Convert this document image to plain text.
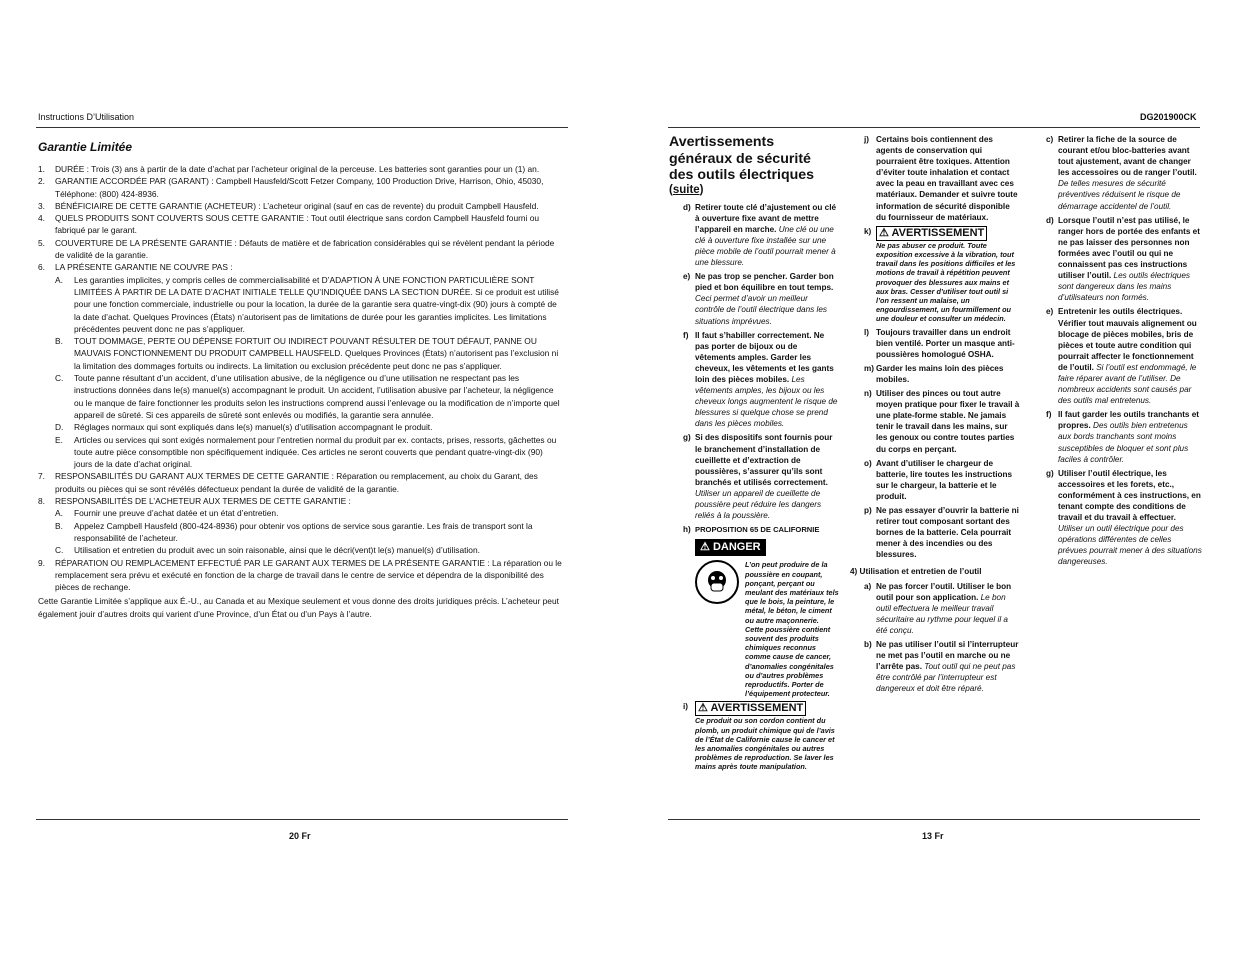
Instructions D’Utilisation
Garantie Limitée
1.	DURÉE : Trois (3) ans à partir de la date d’achat par l’acheteur original de la perceuse. Les batteries sont garanties pour un (1) an.
2.	GARANTIE ACCORDÉE PAR (GARANT) : Campbell Hausfeld/Scott Fetzer Company, 100 Production Drive, Harrison, Ohio, 45030, Téléphone: (800) 424-8936.
3.	BÉNÉFICIAIRE DE CETTE GARANTIE (ACHETEUR) : L’acheteur original (sauf en cas de revente) du produit Campbell Hausfeld.
4.	QUELS PRODUITS SONT COUVERTS SOUS CETTE GARANTIE : Tout outil électrique sans cordon Campbell Hausfeld fourni ou fabriqué par le garant.
5.	COUVERTURE DE LA PRÉSENTE GARANTIE : Défauts de matière et de fabrication considérables qui se révèlent pendant la période de validité de la garantie.
6.	LA PRÉSENTE GARANTIE NE COUVRE PAS :
A.	Les garanties implicites, y compris celles de commercialisabilité et D’ADAPTION À UNE FONCTION PARTICULIÈRE SONT LIMITÉES À PARTIR DE LA DATE D’ACHAT INITIALE TELLE QU’INDIQUÉE DANS LA SECTION DURÉE. Si ce produit est utilisé pour une fonction commerciale, industrielle ou pour la location, la durée de la garantie sera quatre-vingt-dix (90) jours à compté de la date d’achat. Quelques Provinces (États) n’autorisent pas de limitations de durée pour les garanties implicites. Les limitations précédentes peuvent donc ne pas s’appliquer.
B.	TOUT DOMMAGE, PERTE OU DÉPENSE FORTUIT OU INDIRECT POUVANT RÉSULTER DE TOUT DÉFAUT, PANNE OU MAUVAIS FONCTIONNEMENT DU PRODUIT CAMPBELL HAUSFELD. Quelques Provinces (États) n’autorisent pas l’exclusion ni la limitation des dommages fortuits ou indirects. La limitation ou exclusion précédente peut donc ne pas s’appliquer.
C.	Toute panne résultant d’un accident, d’une utilisation abusive, de la négligence ou d’une utilisation ne respectant pas les instructions données dans le(s) manuel(s) accompagnant le produit. Un accident, l’utilisation abusive par l’acheteur, la négligence ou le manque de faire fonctionner les produits selon les instructions comprend aussi l’enlevage ou la modification de n’importe quel appareil de sûreté. Si ces appareils de sûreté sont enlevés ou modifiés, la garantie sera annulée.
D.	Réglages normaux qui sont expliqués dans le(s) manuel(s) d’utilisation accompagnant le produit.
E.	Articles ou services qui sont exigés normalement pour l’entretien normal du produit par ex. contacts, prises, ressorts, gâchettes ou toute autre pièce consomptible non spécifiquement indiquée. Ces articles ne seront couverts que pendant quatre-vingt-dix (90) jours de la date d’achat original.
7.	RESPONSABILITÉS DU GARANT AUX TERMES DE CETTE GARANTIE : Réparation ou remplacement, au choix du Garant, des produits ou pièces qui se sont révélés défectueux pendant la durée de validité de la garantie.
8.	RESPONSABILITÉS DE L’ACHETEUR AUX TERMES DE CETTE GARANTIE :
A.	Fournir une preuve d’achat datée et un état d’entretien.
B.	Appelez Campbell Hausfeld (800-424-8936) pour obtenir vos options de service sous garantie. Les frais de transport sont la responsabilité de l’acheteur.
C.	Utilisation et entretien du produit avec un soin raisonable, ainsi que le décri(vent)t le(s) manuel(s) d’utilisation.
9.	RÉPARATION OU REMPLACEMENT EFFECTUÉ PAR LE GARANT AUX TERMES DE LA PRÉSENTE GARANTIE : La réparation ou le remplacement sera prévu et exécuté en fonction de la charge de travail dans le centre de service et dépendra de la disponibilité des pièces de rechange.
Cette Garantie Limitée s’applique aux É.-U., au Canada et au Mexique seulement et vous donne des droits juridiques précis. L’acheteur peut également jouir d’autres droits qui varient d’une Province, d’un État ou d’un Pays à l’autre.
20 Fr
DG201900CK
Avertissements généraux de sécurité des outils électriques
(suite)
d) Retirer toute clé d’ajustement ou clé à ouverture fixe avant de mettre l’appareil en marche. Une clé ou une clé à ouverture fixe installée sur une pièce mobile de l’outil pourrait mener à une blessure.
e) Ne pas trop se pencher. Garder bon pied et bon équilibre en tout temps. Ceci permet d’avoir un meilleur contrôle de l’outil électrique dans les situations imprévues.
f) Il faut s’habiller correctement. Ne pas porter de bijoux ou de vêtements amples. Garder les cheveux, les vêtements et les gants loin des pièces mobiles. Les vêtements amples, les bijoux ou les cheveux longs augmentent le risque de blessures si quelque chose se prend dans les pièces mobiles.
g) Si des dispositifs sont fournis pour le branchement d’installation de cueillette et d’extraction de poussières, s’assurer qu’ils sont branchés et utilisés correctement. Utiliser un appareil de cueillette de poussière peut réduire les dangers reliés à la poussière.
h) PROPOSITION 65 DE CALIFORNIE
⚠ DANGER
L’on peut produire de la poussière en coupant, ponçant, perçant ou meulant des matériaux tels que le bois, la peinture, le métal, le béton, le ciment ou autre maçonnerie. Cette poussière contient souvent des produits chimiques reconnus comme cause de cancer, d’anomalies congénitales ou d’autres problèmes reproductifs. Porter de l’équipement protecteur.
i) ⚠ AVERTISSEMENT
Ce produit ou son cordon contient du plomb, un produit chimique qui de l’avis de l’État de Californie cause le cancer et les anomalies congénitales ou autres problèmes de reproduction. Se laver les mains après toute manipulation.
j) Certains bois contiennent des agents de conservation qui pourraient être toxiques. Attention d’éviter toute inhalation et contact avec la peau en travaillant avec ces matériaux. Demander et suivre toute information de sécurité disponible du fournisseur de matériaux.
k) ⚠ AVERTISSEMENT
Ne pas abuser ce produit. Toute exposition excessive à la vibration, tout travail dans les positions difficiles et les motions de travail à répétition peuvent provoquer des blessures aux mains et aux bras. Cesser d’utiliser tout outil si l’on ressent un malaise, un engourdissement, un fourmillement ou une douleur et consulter un médecin.
l) Toujours travailler dans un endroit bien ventilé. Porter un masque anti-poussières homologué OSHA.
m) Garder les mains loin des pièces mobiles.
n) Utiliser des pinces ou tout autre moyen pratique pour fixer le travail à une plate-forme stable. Ne jamais tenir le travail dans les mains, sur les genoux ou contre toutes parties du corps en perçant.
o) Avant d’utiliser le chargeur de batterie, lire toutes les instructions sur le chargeur, la batterie et le produit.
p) Ne pas essayer d’ouvrir la batterie ni retirer tout composant sortant des bornes de la batterie. Cela pourrait mener à des incendies ou des blessures.
4) Utilisation et entretien de l’outil
a) Ne pas forcer l’outil. Utiliser le bon outil pour son application. Le bon outil effectuera le meilleur travail sécuritaire au rythme pour lequel il a été conçu.
b) Ne pas utiliser l’outil si l’interrupteur ne met pas l’outil en marche ou ne l’arrête pas. Tout outil qui ne peut pas être contrôlé par l’interrupteur est dangereux et doit être réparé.
c) Retirer la fiche de la source de courant et/ou bloc-batteries avant tout ajustement, avant de changer les accessoires ou de ranger l’outil. De telles mesures de sécurité préventives réduisent le risque de démarrage accidentel de l’outil.
d) Lorsque l’outil n’est pas utilisé, le ranger hors de portée des enfants et ne pas laisser des personnes non formées avec l’outil ou qui ne connaissent pas ces instructions utiliser l’outil. Les outils électriques sont dangereux dans les mains d’utilisateurs non formés.
e) Entretenir les outils électriques. Vérifier tout mauvais alignement ou blocage de pièces mobiles, bris de pièces et toute autre condition qui pourrait affecter le fonctionnement de l’outil. Si l’outil est endommagé, le faire réparer avant de l’utiliser. De nombreux accidents sont causés par des outils mal entretenus.
f) Il faut garder les outils tranchants et propres. Des outils bien entretenus aux bords tranchants sont moins susceptibles de bloquer et sont plus faciles à contrôler.
g) Utiliser l’outil électrique, les accessoires et les forets, etc., conformément à ces instructions, en tenant compte des conditions de travail et du travail à effectuer. Utiliser un outil électrique pour des opérations différentes de celles prévues pourrait mener à des situations dangereuses.
13 Fr
